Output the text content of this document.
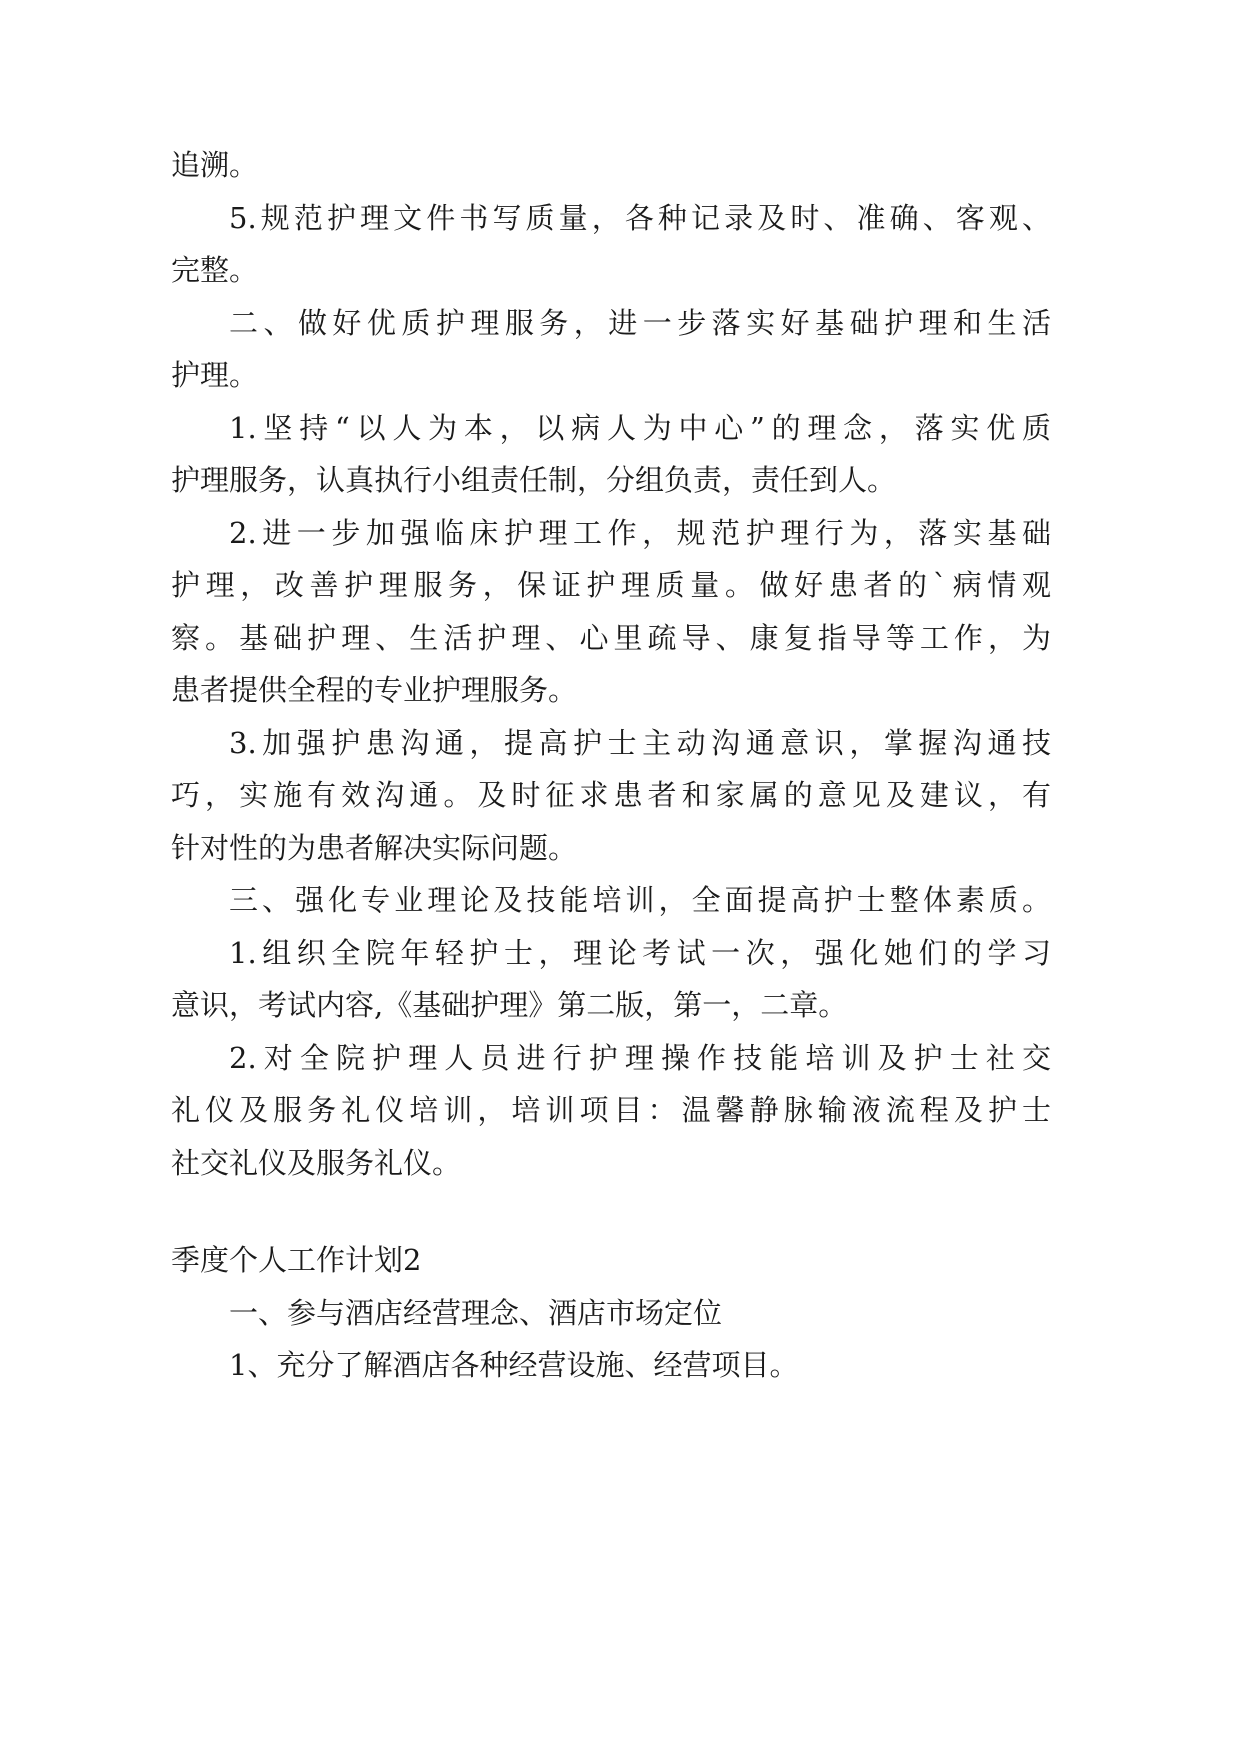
追溯。
5.规范护理文件书写质量，各种记录及时、准确、客观、
完整。
二、做好优质护理服务，进一步落实好基础护理和生活
护理。
1.坚持“以人为本，以病人为中心”的理念，落实优质
护理服务，认真执行小组责任制，分组负责，责任到人。
2.进一步加强临床护理工作，规范护理行为，落实基础
护理，改善护理服务，保证护理质量。做好患者的`病情观
察。基础护理、生活护理、心里疏导、康复指导等工作，为
患者提供全程的专业护理服务。
3.加强护患沟通，提高护士主动沟通意识，掌握沟通技
巧，实施有效沟通。及时征求患者和家属的意见及建议，有
针对性的为患者解决实际问题。
三、强化专业理论及技能培训，全面提高护士整体素质。
1.组织全院年轻护士，理论考试一次，强化她们的学习
意识，考试内容,《基础护理》第二版，第一，二章。
2.对全院护理人员进行护理操作技能培训及护士社交
礼仪及服务礼仪培训，培训项目：温馨静脉输液流程及护士
社交礼仪及服务礼仪。
季度个人工作计划2
一、参与酒店经营理念、酒店市场定位
1、充分了解酒店各种经营设施、经营项目。
